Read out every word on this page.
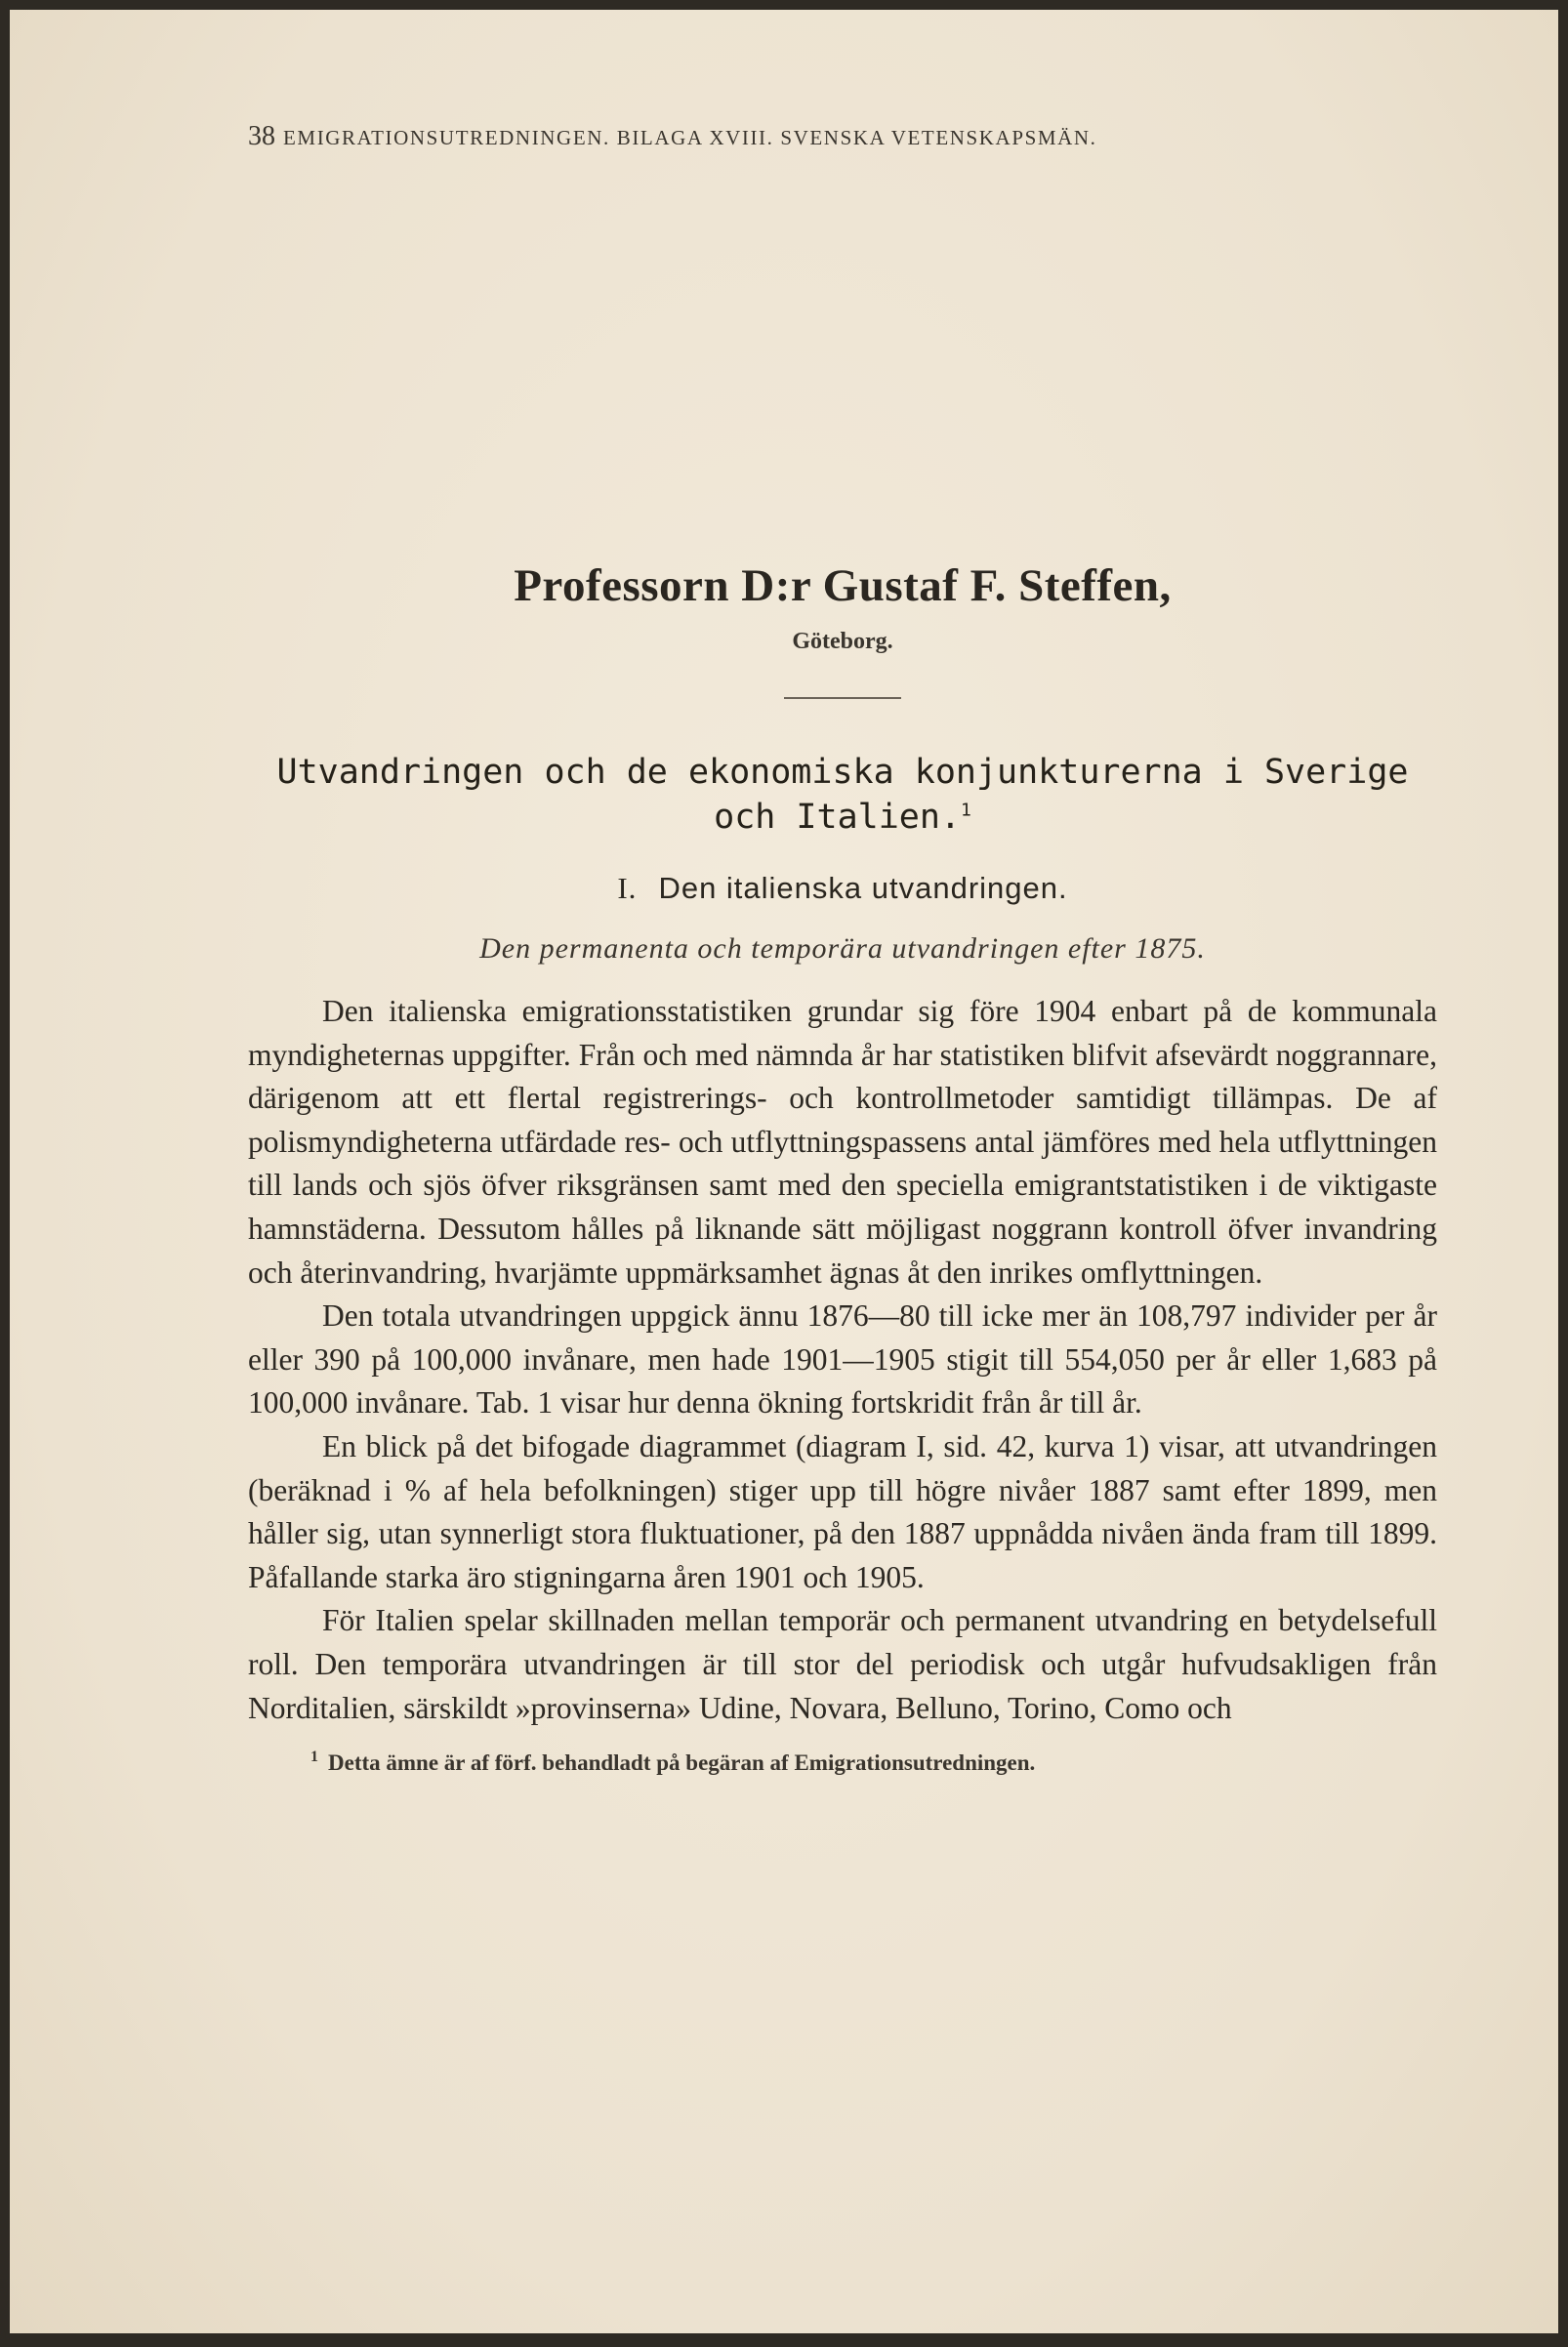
38 EMIGRATIONSUTREDNINGEN. BILAGA XVIII. SVENSKA VETENSKAPSMÄN.
Professorn D:r Gustaf F. Steffen,
Göteborg.
Utvandringen och de ekonomiska konjunkturerna i Sverige
och Italien.$^1$
I. Den italienska utvandringen.
Den permanenta och temporära utvandringen efter 1875.

Den italienska emigrationsstatistiken grundar sig före 1904 enbart på de kommunala myndigheternas uppgifter. Från och med nämnda år har statistiken blifvit afsevärdt noggrannare, därigenom att ett flertal registrerings- och kontrollmetoder samtidigt tillämpas. De af polismyndigheterna utfärdade res- och utflyttningspassens antal jämföres med hela utflyttningen till lands och sjös öfver riksgränsen samt med den speciella emigrantstatistiken i de viktigaste hamnstäderna. Dessutom hålles på liknande sätt möjligast noggrann kontroll öfver invandring och återinvandring, hvarjämte uppmärksamhet ägnas åt den inrikes omflyttningen.

Den totala utvandringen uppgick ännu 1876—80 till icke mer än 108,797 individer per år eller 390 på 100,000 invånare, men hade 1901—1905 stigit till 554,050 per år eller 1,683 på 100,000 invånare. Tab. 1 visar hur denna ökning fortskridit från år till år.

En blick på det bifogade diagrammet (diagram I, sid. 42, kurva 1) visar, att utvandringen (beräknad i % af hela befolkningen) stiger upp till högre nivåer 1887 samt efter 1899, men håller sig, utan synnerligt stora fluktuationer, på den 1887 uppnådda nivåen ända fram till 1899. Påfallande starka äro stigningarna åren 1901 och 1905.

För Italien spelar skillnaden mellan temporär och permanent utvandring en betydelsefull roll. Den temporära utvandringen är till stor del periodisk och utgår hufvudsakligen från Norditalien, särskildt »provinserna» Udine, Novara, Belluno, Torino, Como och

$^1$ Detta ämne är af förf. behandladt på begäran af Emigrationsutredningen.
